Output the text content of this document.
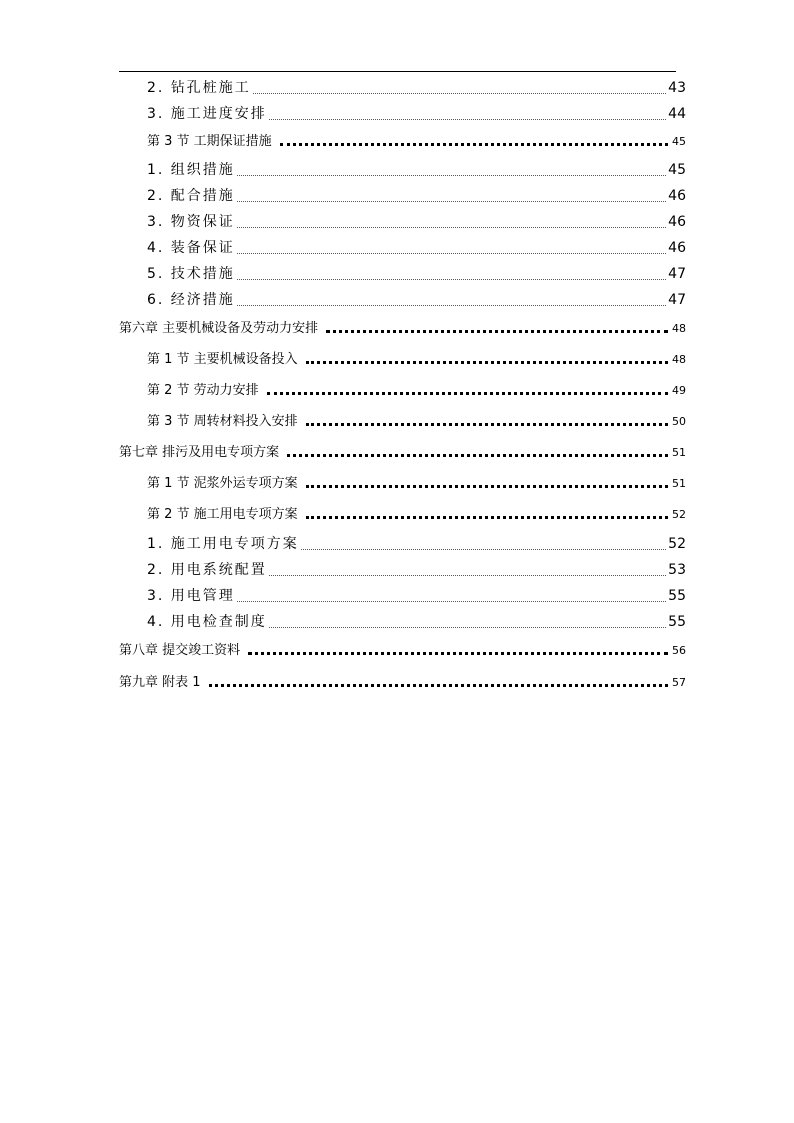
2. 钻孔桩施工	43
3. 施工进度安排	44
第 3 节 工期保证措施	45
1. 组织措施	45
2. 配合措施	46
3. 物资保证	46
4. 装备保证	46
5. 技术措施	47
6. 经济措施	47
第六章 主要机械设备及劳动力安排	48
第 1 节 主要机械设备投入	48
第 2 节 劳动力安排	49
第 3 节 周转材料投入安排	50
第七章 排污及用电专项方案	51
第 1 节 泥浆外运专项方案	51
第 2 节 施工用电专项方案	52
1. 施工用电专项方案	52
2. 用电系统配置	53
3. 用电管理	55
4. 用电检查制度	55
第八章 提交竣工资料	56
第九章 附表 1	57
